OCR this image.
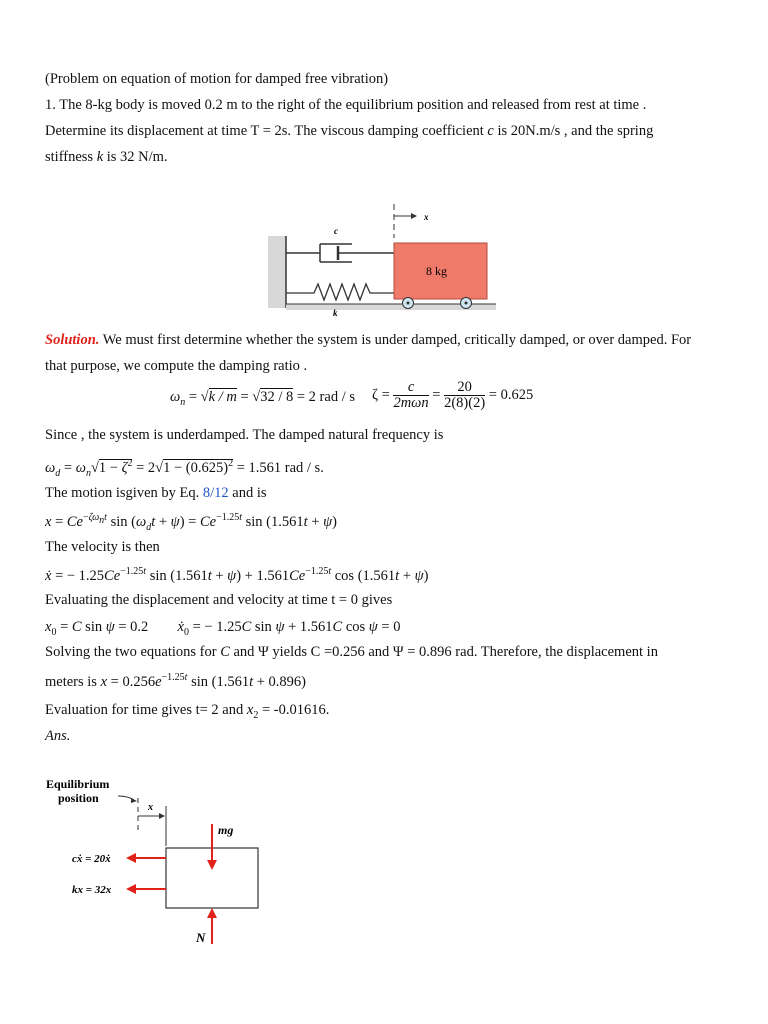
(Problem on equation of motion for damped free vibration)
1. The 8-kg body is moved 0.2 m to the right of the equilibrium position and released from rest at time .
Determine its displacement at time T = 2s. The viscous damping coefficient c is 20N.m/s , and the spring
stiffness k is 32 N/m.
c
k
8 kg
x
Solution. We must first determine whether the system is under damped, critically damped, or over damped. For
that purpose, we compute the damping ratio .
$\omega_n = √k / m = √32 / 8 = 2$ rad / s $\zeta = \frac{c}{\text{2mωn}} = \frac{20}{2(8)(2)} = 0.625$
Since , the system is underdamped. The damped natural frequency is
$\omega_d = \omega_n√1 - \zeta^2 = 2√1 - (0.625)^2 = 1.561$ rad / s.
The motion isgiven by Eq. 8/12 and is
$x = Ce^{-\zeta\omega_nt}$ $\sin (\omega_dt + \psi) = Ce^{-1.25t}$ sin (1.561t + ψ)
The velocity is then
ẋ = − $1.25Ce^{-1.25t}$ $\sin (1.561t + \psi) + 1.561Ce^{-1.25t}$ cos (1.561t + ψ)
Evaluating the displacement and velocity at time t = 0 gives
$x_0 = C$ sin ψ = 0.2  ẋ$_0$ = − 1.25C sin ψ + 1.561C cos ψ = 0
Solving the two equations for C and Ψ yields C =0.256 and Ψ = 0.896 rad. Therefore, the displacement in
meters is $x = 0.256e^{-1.25t}$ sin (1.561t + 0.896)
Evaluation for time gives t= 2 and $x_2 = -0.01616$.
Ans.
Equilibrium
position
x
mg
N
cẋ = 20ẋ
kx = 32x
